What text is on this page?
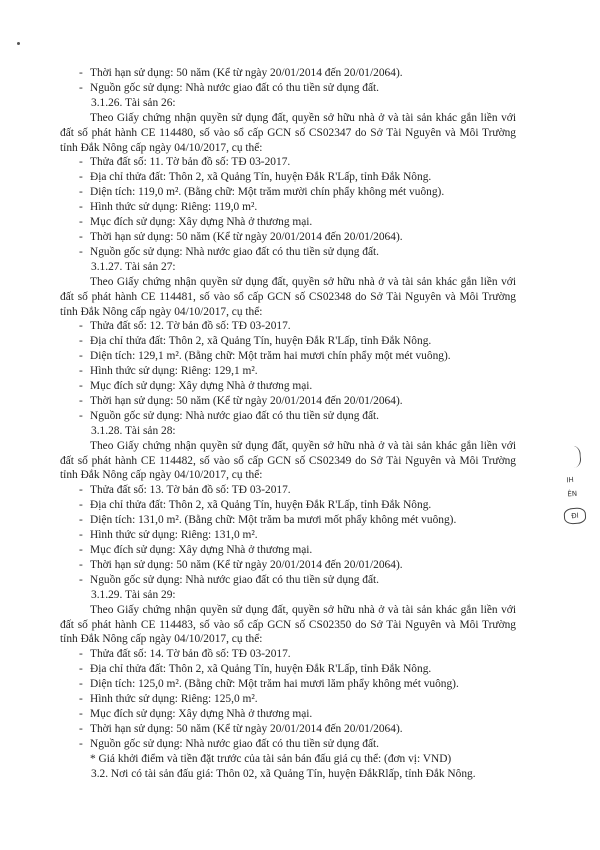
- Thời hạn sử dụng: 50 năm (Kể từ ngày 20/01/2014 đến 20/01/2064).
- Nguồn gốc sử dụng: Nhà nước giao đất có thu tiền sử dụng đất.
3.1.26. Tài sản 26:
Theo Giấy chứng nhận quyền sử dụng đất, quyền sở hữu nhà ở và tài sản khác gắn liền với đất số phát hành CE 114480, số vào sổ cấp GCN số CS02347 do Sở Tài Nguyên và Môi Trường tỉnh Đắk Nông cấp ngày 04/10/2017, cụ thể:
- Thửa đất số: 11. Tờ bản đồ số: TĐ 03-2017.
- Địa chỉ thửa đất: Thôn 2, xã Quảng Tín, huyện Đắk R'Lấp, tỉnh Đắk Nông.
- Diện tích: 119,0 m². (Bằng chữ: Một trăm mười chín phẩy không mét vuông).
- Hình thức sử dụng: Riêng: 119,0 m².
- Mục đích sử dụng: Xây dựng Nhà ở thương mại.
- Thời hạn sử dụng: 50 năm (Kể từ ngày 20/01/2014 đến 20/01/2064).
- Nguồn gốc sử dụng: Nhà nước giao đất có thu tiền sử dụng đất.
3.1.27. Tài sản 27:
Theo Giấy chứng nhận quyền sử dụng đất, quyền sở hữu nhà ở và tài sản khác gắn liền với đất số phát hành CE 114481, số vào sổ cấp GCN số CS02348 do Sở Tài Nguyên và Môi Trường tỉnh Đắk Nông cấp ngày 04/10/2017, cụ thể:
- Thửa đất số: 12. Tờ bản đồ số: TĐ 03-2017.
- Địa chỉ thửa đất: Thôn 2, xã Quảng Tín, huyện Đắk R'Lấp, tỉnh Đắk Nông.
- Diện tích: 129,1 m². (Bằng chữ: Một trăm hai mươi chín phẩy một mét vuông).
- Hình thức sử dụng: Riêng: 129,1 m².
- Mục đích sử dụng: Xây dựng Nhà ở thương mại.
- Thời hạn sử dụng: 50 năm (Kể từ ngày 20/01/2014 đến 20/01/2064).
- Nguồn gốc sử dụng: Nhà nước giao đất có thu tiền sử dụng đất.
3.1.28. Tài sản 28:
Theo Giấy chứng nhận quyền sử dụng đất, quyền sở hữu nhà ở và tài sản khác gắn liền với đất số phát hành CE 114482, số vào sổ cấp GCN số CS02349 do Sở Tài Nguyên và Môi Trường tỉnh Đắk Nông cấp ngày 04/10/2017, cụ thể:
- Thửa đất số: 13. Tờ bản đồ số: TĐ 03-2017.
- Địa chỉ thửa đất: Thôn 2, xã Quảng Tín, huyện Đắk R'Lấp, tỉnh Đắk Nông.
- Diện tích: 131,0 m². (Bằng chữ: Một trăm ba mươi mốt phẩy không mét vuông).
- Hình thức sử dụng: Riêng: 131,0 m².
- Mục đích sử dụng: Xây dựng Nhà ở thương mại.
- Thời hạn sử dụng: 50 năm (Kể từ ngày 20/01/2014 đến 20/01/2064).
- Nguồn gốc sử dụng: Nhà nước giao đất có thu tiền sử dụng đất.
3.1.29. Tài sản 29:
Theo Giấy chứng nhận quyền sử dụng đất, quyền sở hữu nhà ở và tài sản khác gắn liền với đất số phát hành CE 114483, số vào sổ cấp GCN số CS02350 do Sở Tài Nguyên và Môi Trường tỉnh Đắk Nông cấp ngày 04/10/2017, cụ thể:
- Thửa đất số: 14. Tờ bản đồ số: TĐ 03-2017.
- Địa chỉ thửa đất: Thôn 2, xã Quảng Tín, huyện Đắk R'Lấp, tỉnh Đắk Nông.
- Diện tích: 125,0 m². (Bằng chữ: Một trăm hai mươi lăm phẩy không mét vuông).
- Hình thức sử dụng: Riêng: 125,0 m².
- Mục đích sử dụng: Xây dựng Nhà ở thương mại.
- Thời hạn sử dụng: 50 năm (Kể từ ngày 20/01/2014 đến 20/01/2064).
- Nguồn gốc sử dụng: Nhà nước giao đất có thu tiền sử dụng đất.
* Giá khởi điểm và tiền đặt trước của tài sản bán đấu giá cụ thể: (đơn vị: VND)
3.2. Nơi có tài sản đấu giá: Thôn 02, xã Quảng Tín, huyện ĐắkRlấp, tỉnh Đắk Nông.
ΙΗ
ÊN
ĐI
